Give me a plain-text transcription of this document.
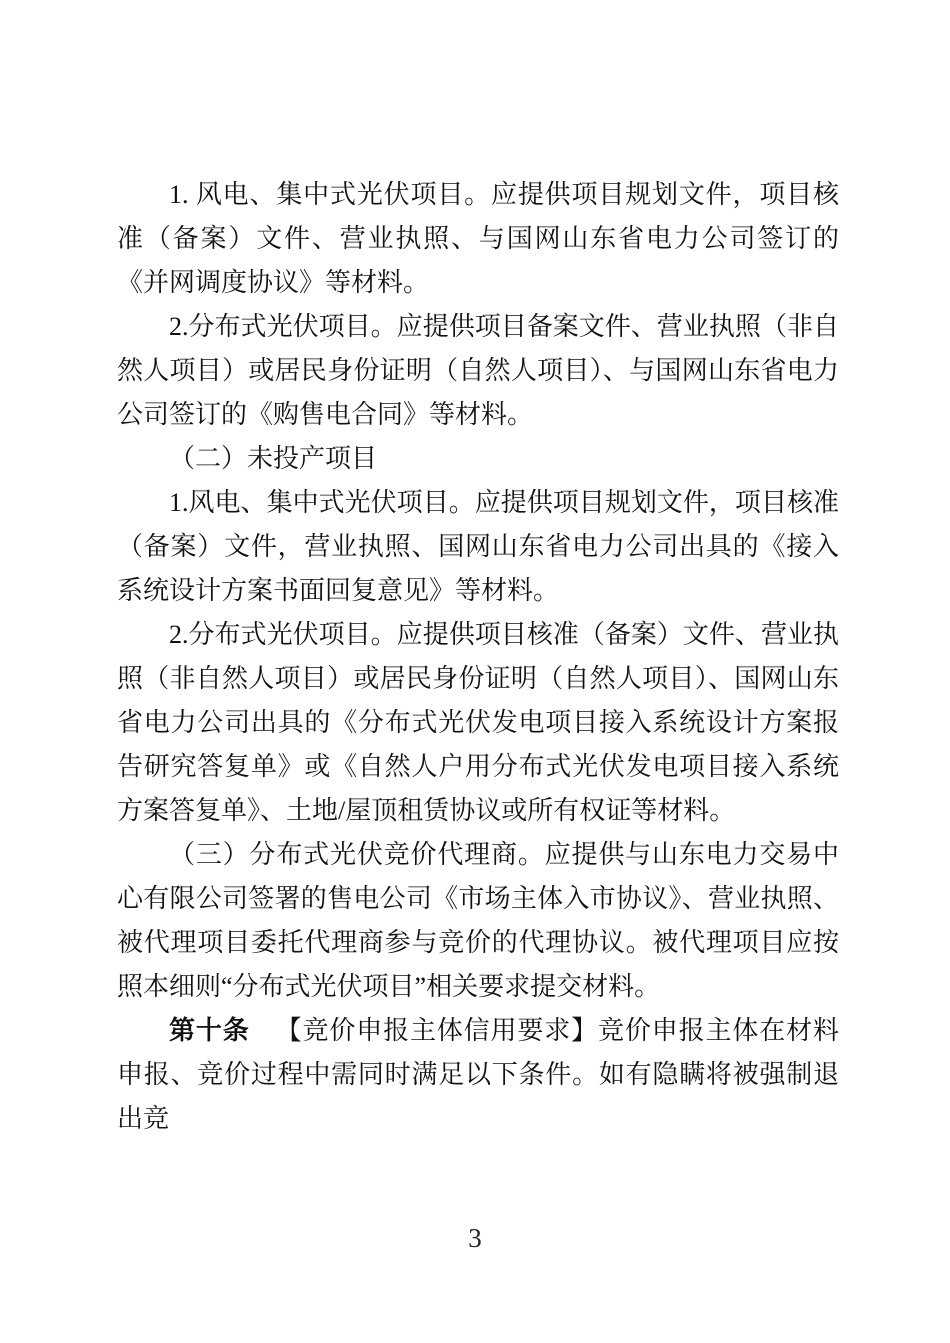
1. 风电、集中式光伏项目。应提供项目规划文件，项目核准（备案）文件、营业执照、与国网山东省电力公司签订的《并网调度协议》等材料。

2.分布式光伏项目。应提供项目备案文件、营业执照（非自然人项目）或居民身份证明（自然人项目）、与国网山东省电力公司签订的《购售电合同》等材料。

（二）未投产项目

1.风电、集中式光伏项目。应提供项目规划文件，项目核准（备案）文件，营业执照、国网山东省电力公司出具的《接入系统设计方案书面回复意见》等材料。

2.分布式光伏项目。应提供项目核准（备案）文件、营业执照（非自然人项目）或居民身份证明（自然人项目）、国网山东省电力公司出具的《分布式光伏发电项目接入系统设计方案报告研究答复单》或《自然人户用分布式光伏发电项目接入系统方案答复单》、土地/屋顶租赁协议或所有权证等材料。

（三）分布式光伏竞价代理商。应提供与山东电力交易中心有限公司签署的售电公司《市场主体入市协议》、营业执照、被代理项目委托代理商参与竞价的代理协议。被代理项目应按照本细则“分布式光伏项目”相关要求提交材料。

第十条 【竞价申报主体信用要求】竞价申报主体在材料申报、竞价过程中需同时满足以下条件。如有隐瞒将被强制退出竞

3
